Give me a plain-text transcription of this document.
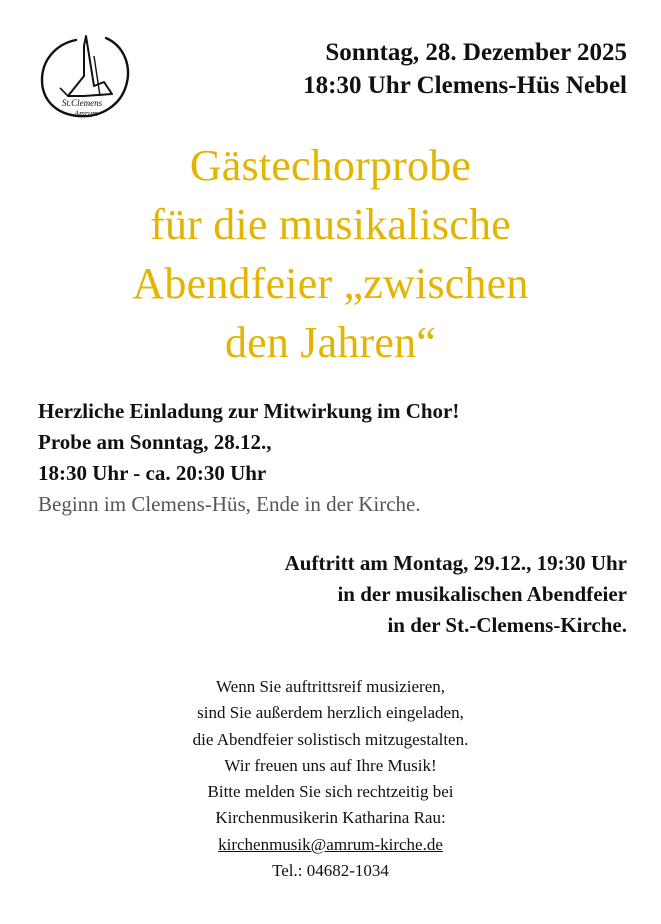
St.Clemens
Amrum
Sonntag, 28. Dezember 2025
18:30 Uhr Clemens-Hüs Nebel
Gästechorprobe
für die musikalische
Abendfeier „zwischen
den Jahren“
Herzliche Einladung zur Mitwirkung im Chor!
Probe am Sonntag, 28.12.,
18:30 Uhr - ca. 20:30 Uhr
Beginn im Clemens-Hüs, Ende in der Kirche.
Auftritt am Montag, 29.12., 19:30 Uhr
in der musikalischen Abendfeier
in der St.-Clemens-Kirche.
Wenn Sie auftrittsreif musizieren,
sind Sie außerdem herzlich eingeladen,
die Abendfeier solistisch mitzugestalten.
Wir freuen uns auf Ihre Musik!
Bitte melden Sie sich rechtzeitig bei
Kirchenmusikerin Katharina Rau:
kirchenmusik@amrum-kirche.de
Tel.: 04682-1034
